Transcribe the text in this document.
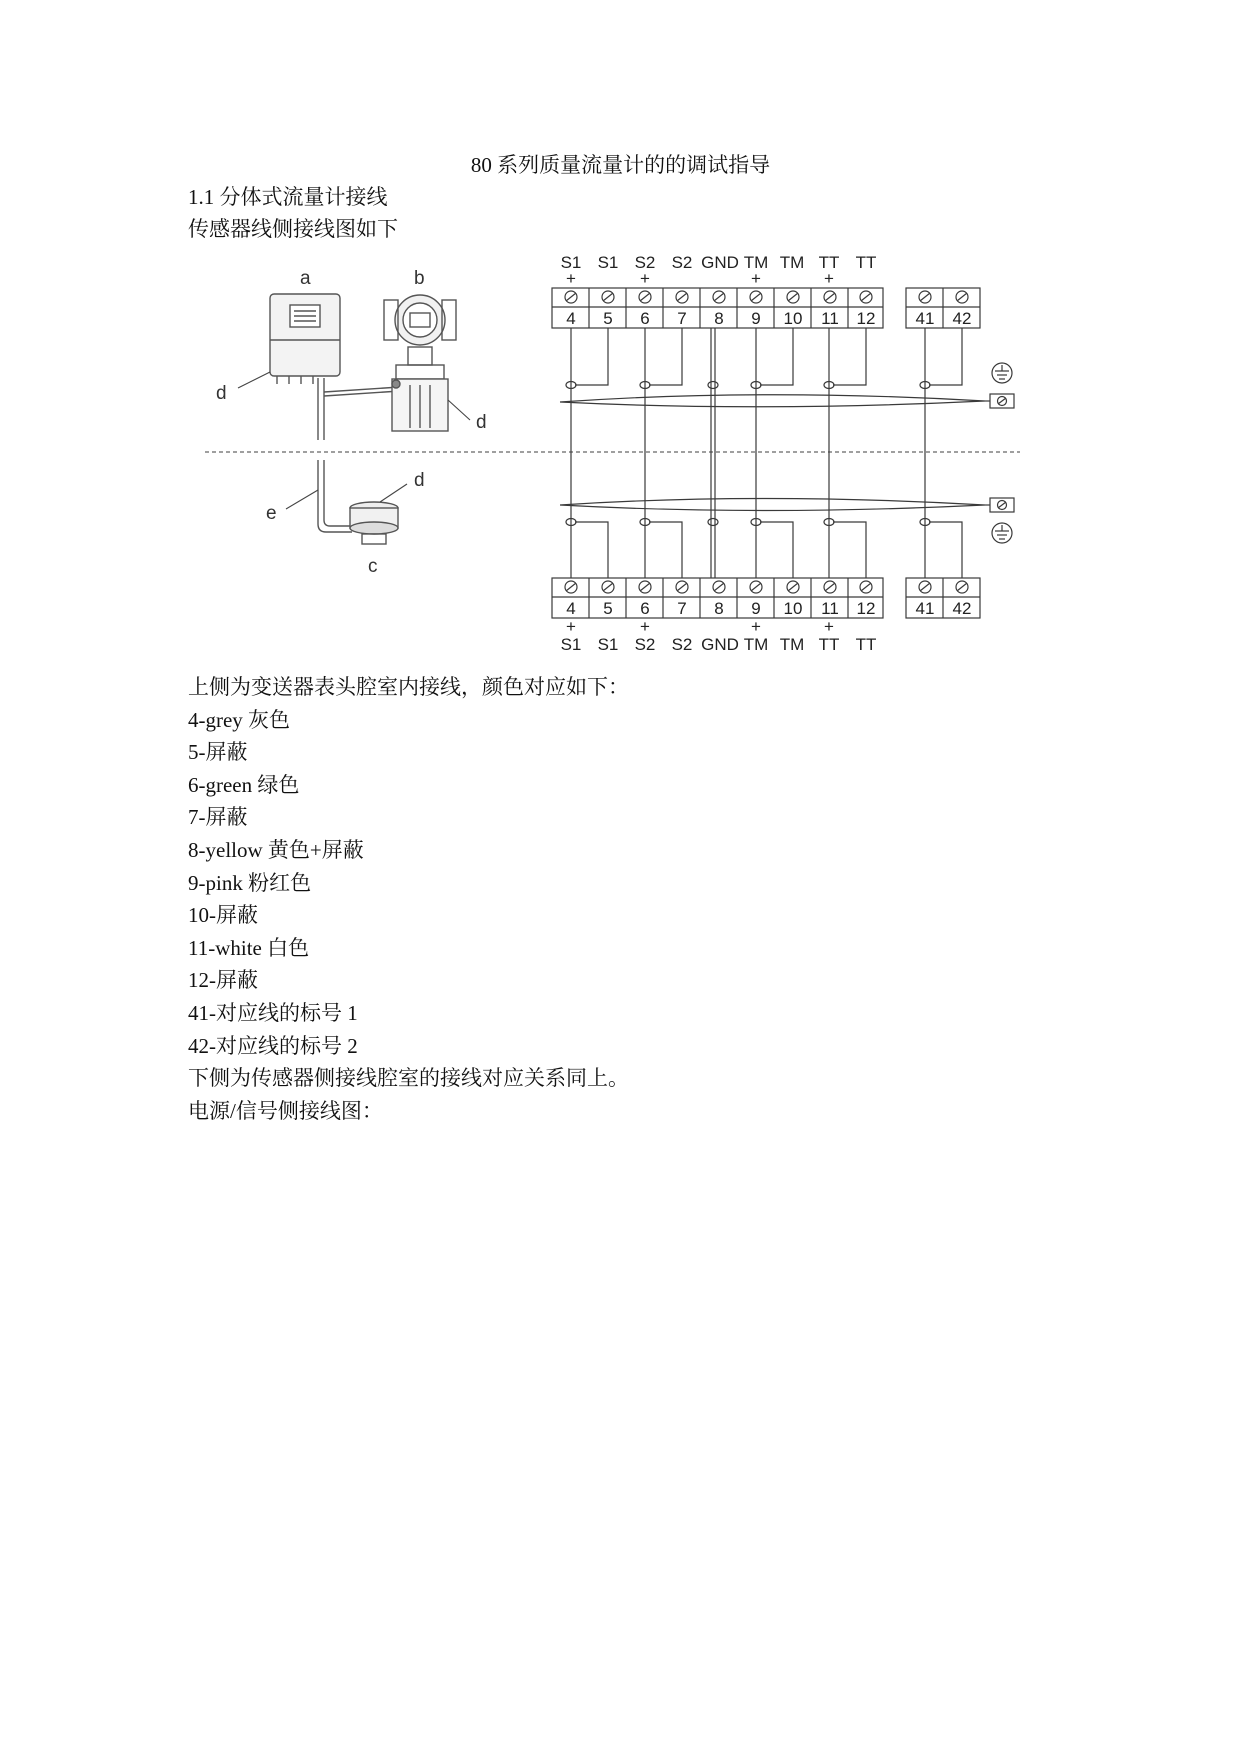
80 系列质量流量计的的调试指导
1.1 分体式流量计接线
传感器线侧接线图如下
a	b
c
d
d
d
e
S1 S1 S2 S2 GND TM TM TT TT
+	+	+	+
4 5 6 7 8 9 10 11 12 41 42
4 5 6 7 8 9 10 11 12 41 42
+	+	+	+
S1 S1 S2 S2 GND TM TM TT TT
上侧为变送器表头腔室内接线，颜色对应如下：
4-grey 灰色
5-屏蔽
6-green 绿色
7-屏蔽
8-yellow 黄色+屏蔽
9-pink 粉红色
10-屏蔽
11-white 白色
12-屏蔽
41-对应线的标号 1
42-对应线的标号 2
下侧为传感器侧接线腔室的接线对应关系同上。
电源/信号侧接线图：
